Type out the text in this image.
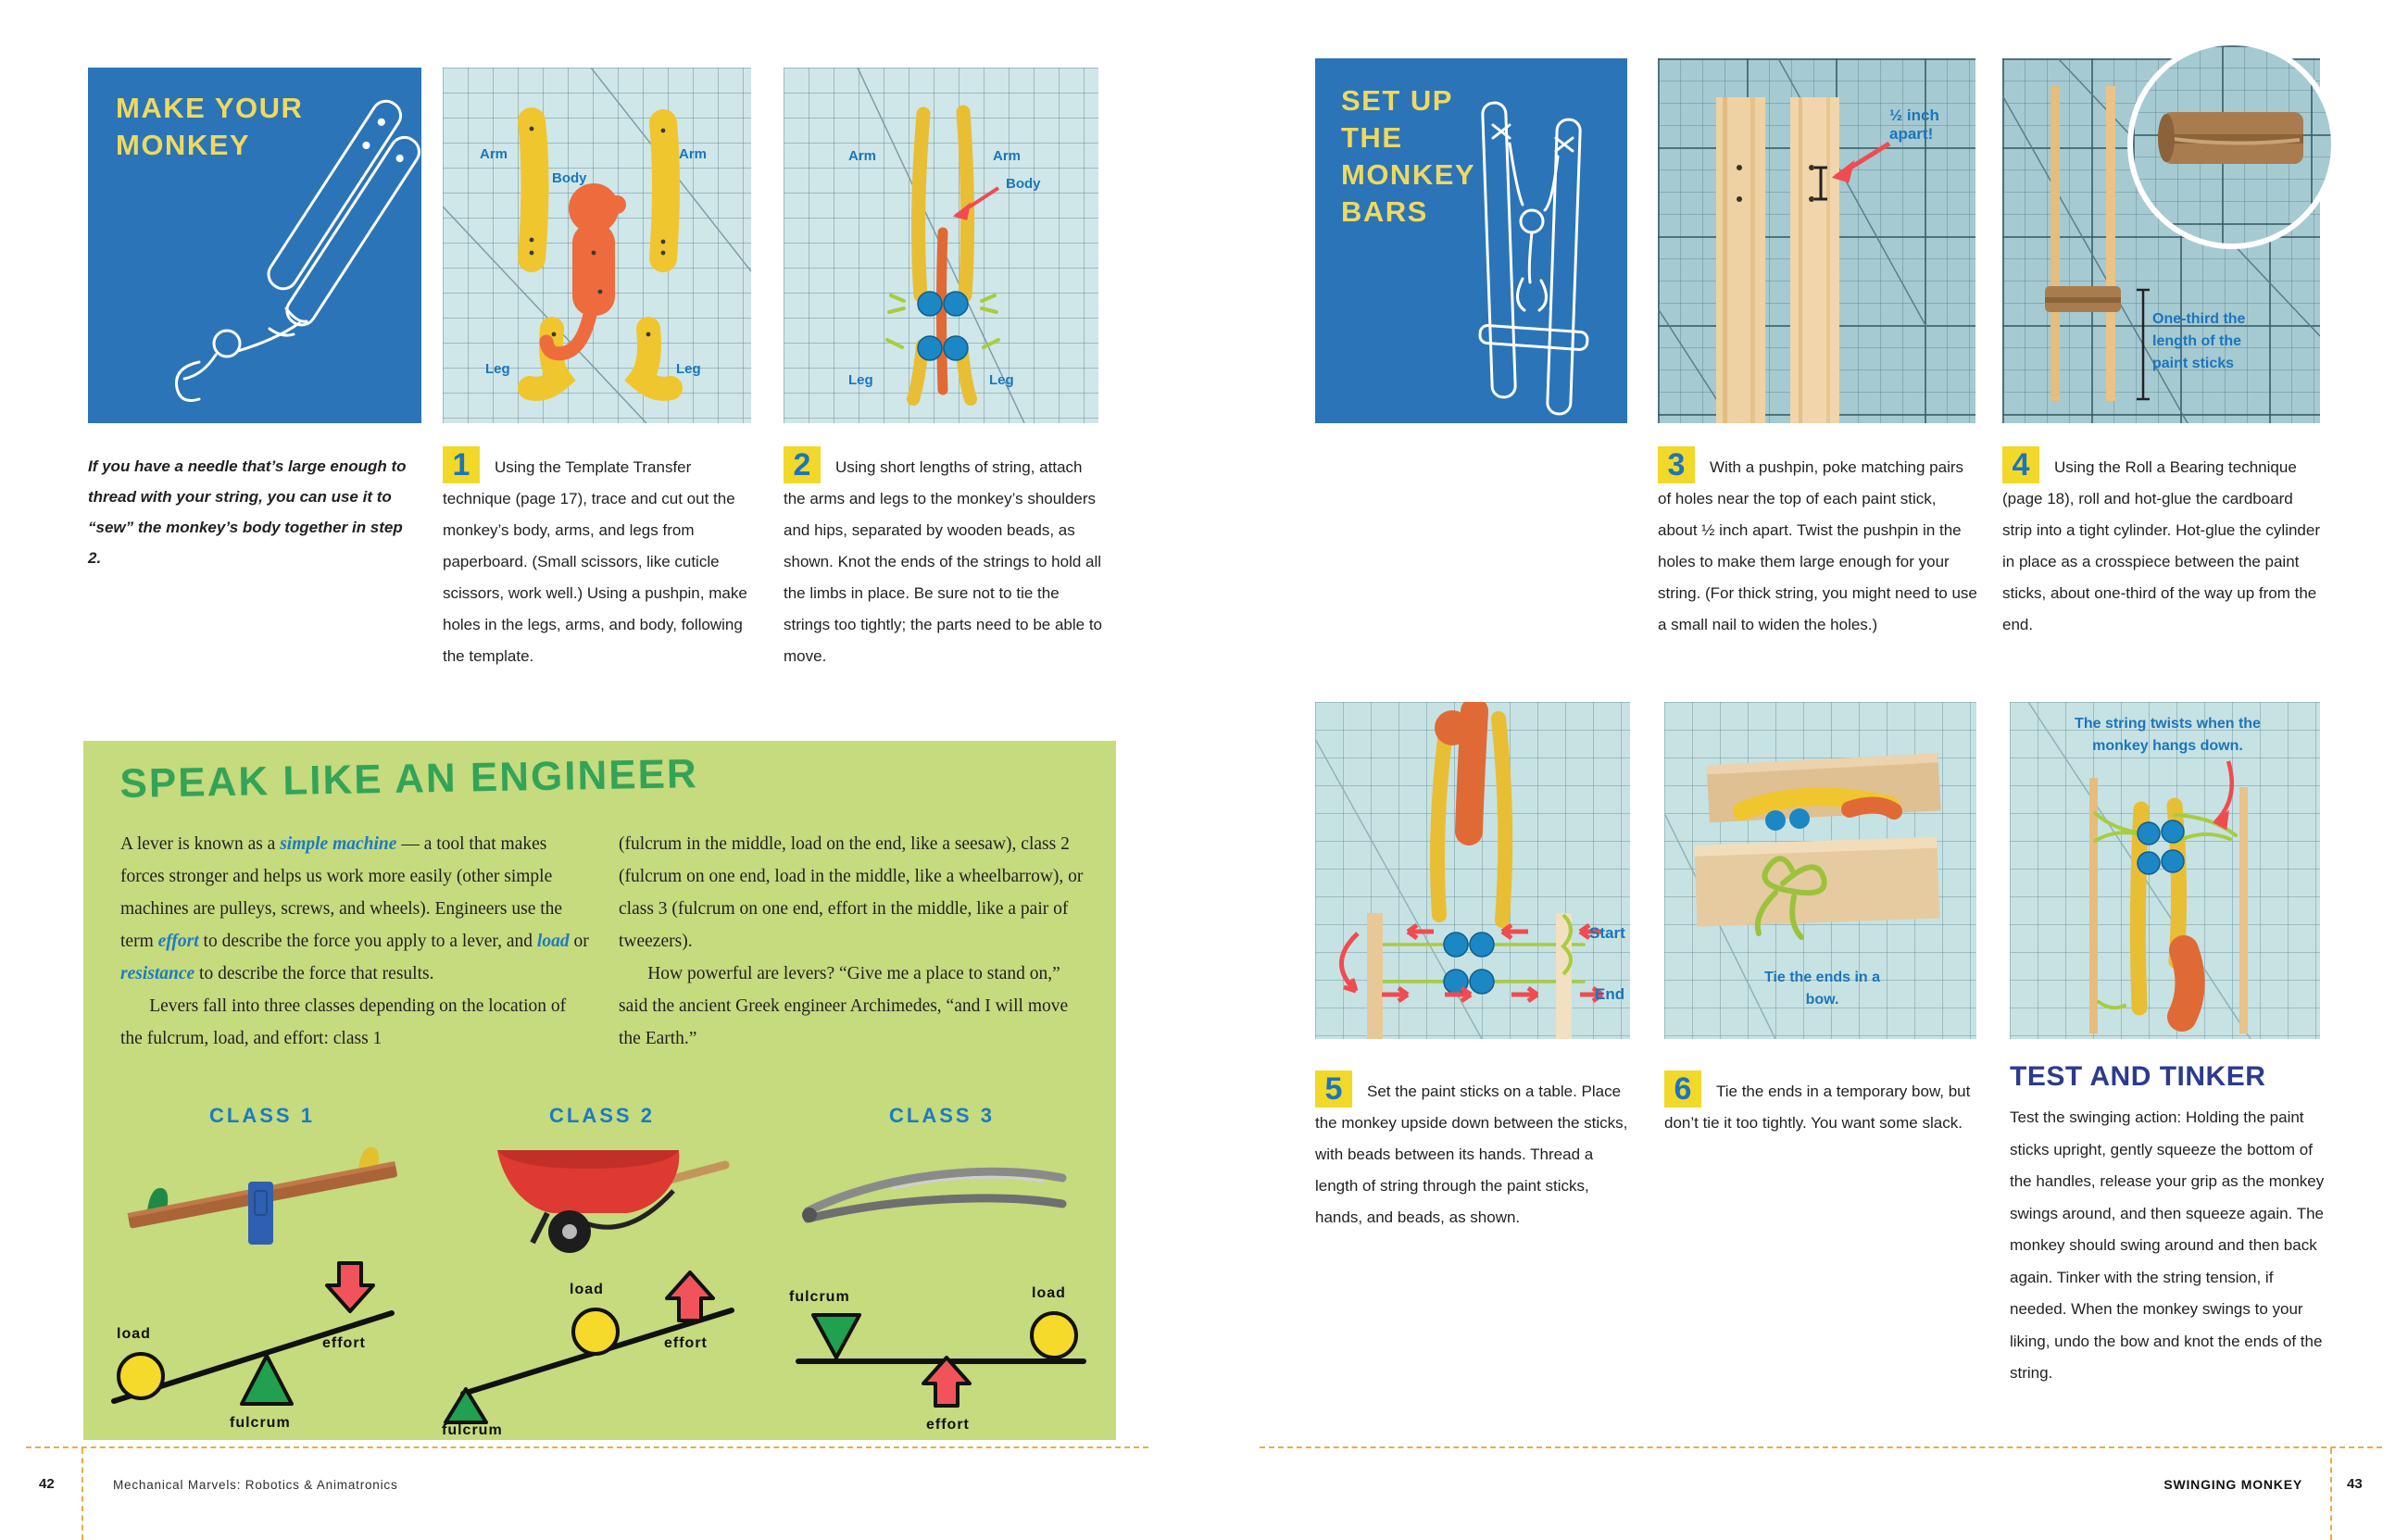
MAKE YOUR MONKEY
If you have a needle that’s large enough to thread with your string, you can use it to “sew” the monkey’s body together in step 2.
Arm	Arm
Body
Leg	Leg
Arm	Arm
Body
Leg	Leg
1	Using the Template Transfer technique (page 17), trace and cut out the monkey’s body, arms, and legs from paperboard. (Small scissors, like cuticle scissors, work well.) Using a pushpin, make holes in the legs, arms, and body, following the template.
2	Using short lengths of string, attach the arms and legs to the monkey’s shoulders and hips, separated by wooden beads, as shown. Knot the ends of the strings to hold all the limbs in place. Be sure not to tie the strings too tightly; the parts need to be able to move.
SPEAK LIKE AN ENGINEER

A lever is known as a simple machine — a tool that makes forces stronger and helps us work more easily (other simple machines are pulleys, screws, and wheels). Engineers use the term effort to describe the force you apply to a lever, and load or resistance to describe the force that results.

Levers fall into three classes depending on the location of the fulcrum, load, and effort: class 1

(fulcrum in the middle, load on the end, like a seesaw), class 2 (fulcrum on one end, load in the middle, like a wheelbarrow), or class 3 (fulcrum on one end, effort in the middle, like a pair of tweezers).

How powerful are levers? “Give me a place to stand on,” said the ancient Greek engineer Archimedes, “and I will move the Earth.”

CLASS 1
load
effort
fulcrum
CLASS 2
load
effort
fulcrum
CLASS 3
fulcrum	load
effort
SET UP THE MONKEY BARS
½ inch apart!
One-third the length of the paint sticks
3	With a pushpin, poke matching pairs of holes near the top of each paint stick, about ½ inch apart. Twist the pushpin in the holes to make them large enough for your string. (For thick string, you might need to use a small nail to widen the holes.)
4	Using the Roll a Bearing technique (page 18), roll and hot-glue the cardboard strip into a tight cylinder. Hot-glue the cylinder in place as a crosspiece between the paint sticks, about one-third of the way up from the end.
Start
End
Tie the ends in a bow.
The string twists when the monkey hangs down.
5	Set the paint sticks on a table. Place the monkey upside down between the sticks, with beads between its hands. Thread a length of string through the paint sticks, hands, and beads, as shown.
6	Tie the ends in a temporary bow, but don’t tie it too tightly. You want some slack.
TEST AND TINKER
Test the swinging action: Holding the paint sticks upright, gently squeeze the bottom of the handles, release your grip as the monkey swings around, and then squeeze again. The monkey should swing around and then back again. Tinker with the string tension, if needed. When the monkey swings to your liking, undo the bow and knot the ends of the string.
42	Mechanical Marvels: Robotics & Animatronics	SWINGING MONKEY	43
